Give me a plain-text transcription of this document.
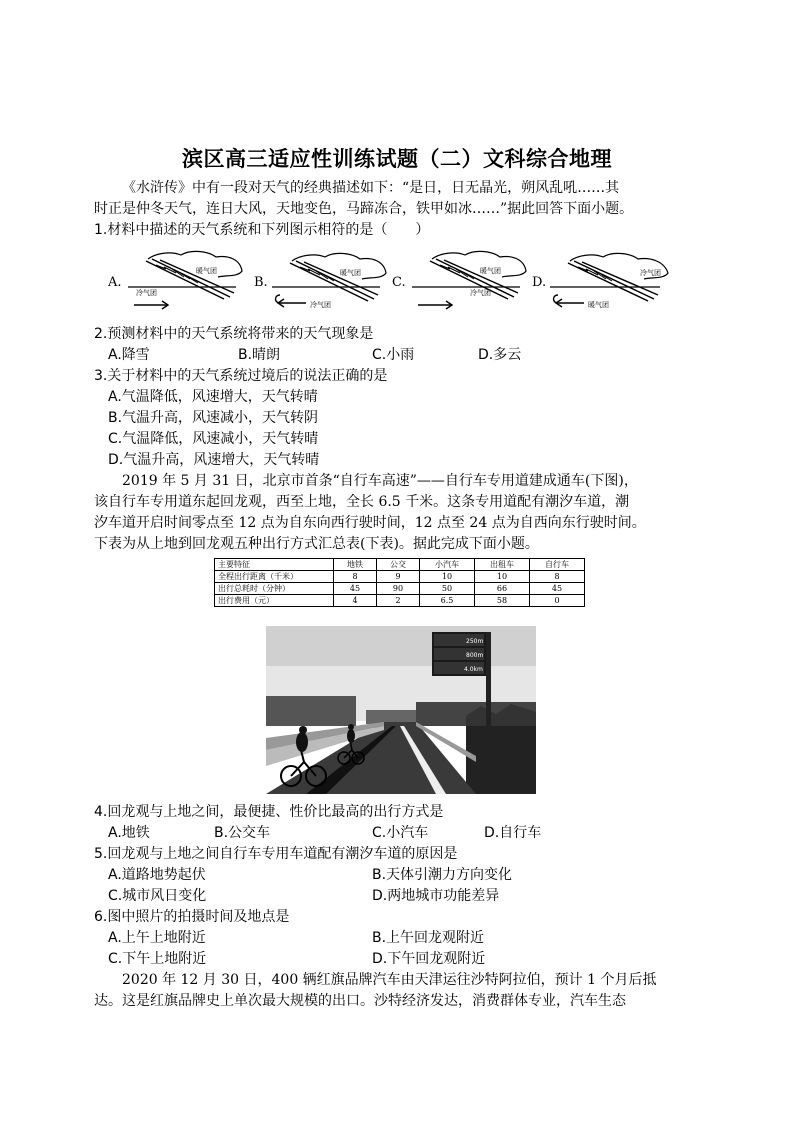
滨区高三适应性训练试题（二）文科综合地理
《水浒传》中有一段对天气的经典描述如下：“是日，日无晶光，朔风乱吼……其
时正是仲冬天气，连日大风，天地变色，马蹄冻合，铁甲如冰……”据此回答下面小题。
1.材料中描述的天气系统和下列图示相符的是（　　）
A.
暖气团
冷气团
B.
暖气团
冷气团
C.
暖气团
冷气团
D.
冷气团
暖气团
2.预测材料中的天气系统将带来的天气现象是
A.降雪	B.晴朗	C.小雨	D.多云
3.关于材料中的天气系统过境后的说法正确的是
A.气温降低，风速增大，天气转晴
B.气温升高，风速减小，天气转阴
C.气温降低，风速减小，天气转晴
D.气温升高，风速增大，天气转晴
2019 年 5 月 31 日，北京市首条“自行车高速”——自行车专用道建成通车(下图)，
该自行车专用道东起回龙观，西至上地，全长 6.5 千米。这条专用道配有潮汐车道，潮
汐车道开启时间零点至 12 点为自东向西行驶时间，12 点至 24 点为自西向东行驶时间。
下表为从上地到回龙观五种出行方式汇总表(下表)。据此完成下面小题。
主要特征	地铁	公交	小汽车	出租车	自行车
全程出行距离（千米）	8	9	10	10	8
出行总耗时（分钟）	45	90	50	66	45
出行费用（元）	4	2	6.5	58	0
250m
800m
4.0km
4.回龙观与上地之间，最便捷、性价比最高的出行方式是
A.地铁	B.公交车	C.小汽车	D.自行车
5.回龙观与上地之间自行车专用车道配有潮汐车道的原因是
A.道路地势起伏	B.天体引潮力方向变化
C.城市风日变化	D.两地城市功能差异
6.图中照片的拍摄时间及地点是
A.上午上地附近	B.上午回龙观附近
C.下午上地附近	D.下午回龙观附近
2020 年 12 月 30 日，400 辆红旗品牌汽车由天津运往沙特阿拉伯，预计 1 个月后抵
达。这是红旗品牌史上单次最大规模的出口。沙特经济发达，消费群体专业，汽车生态
